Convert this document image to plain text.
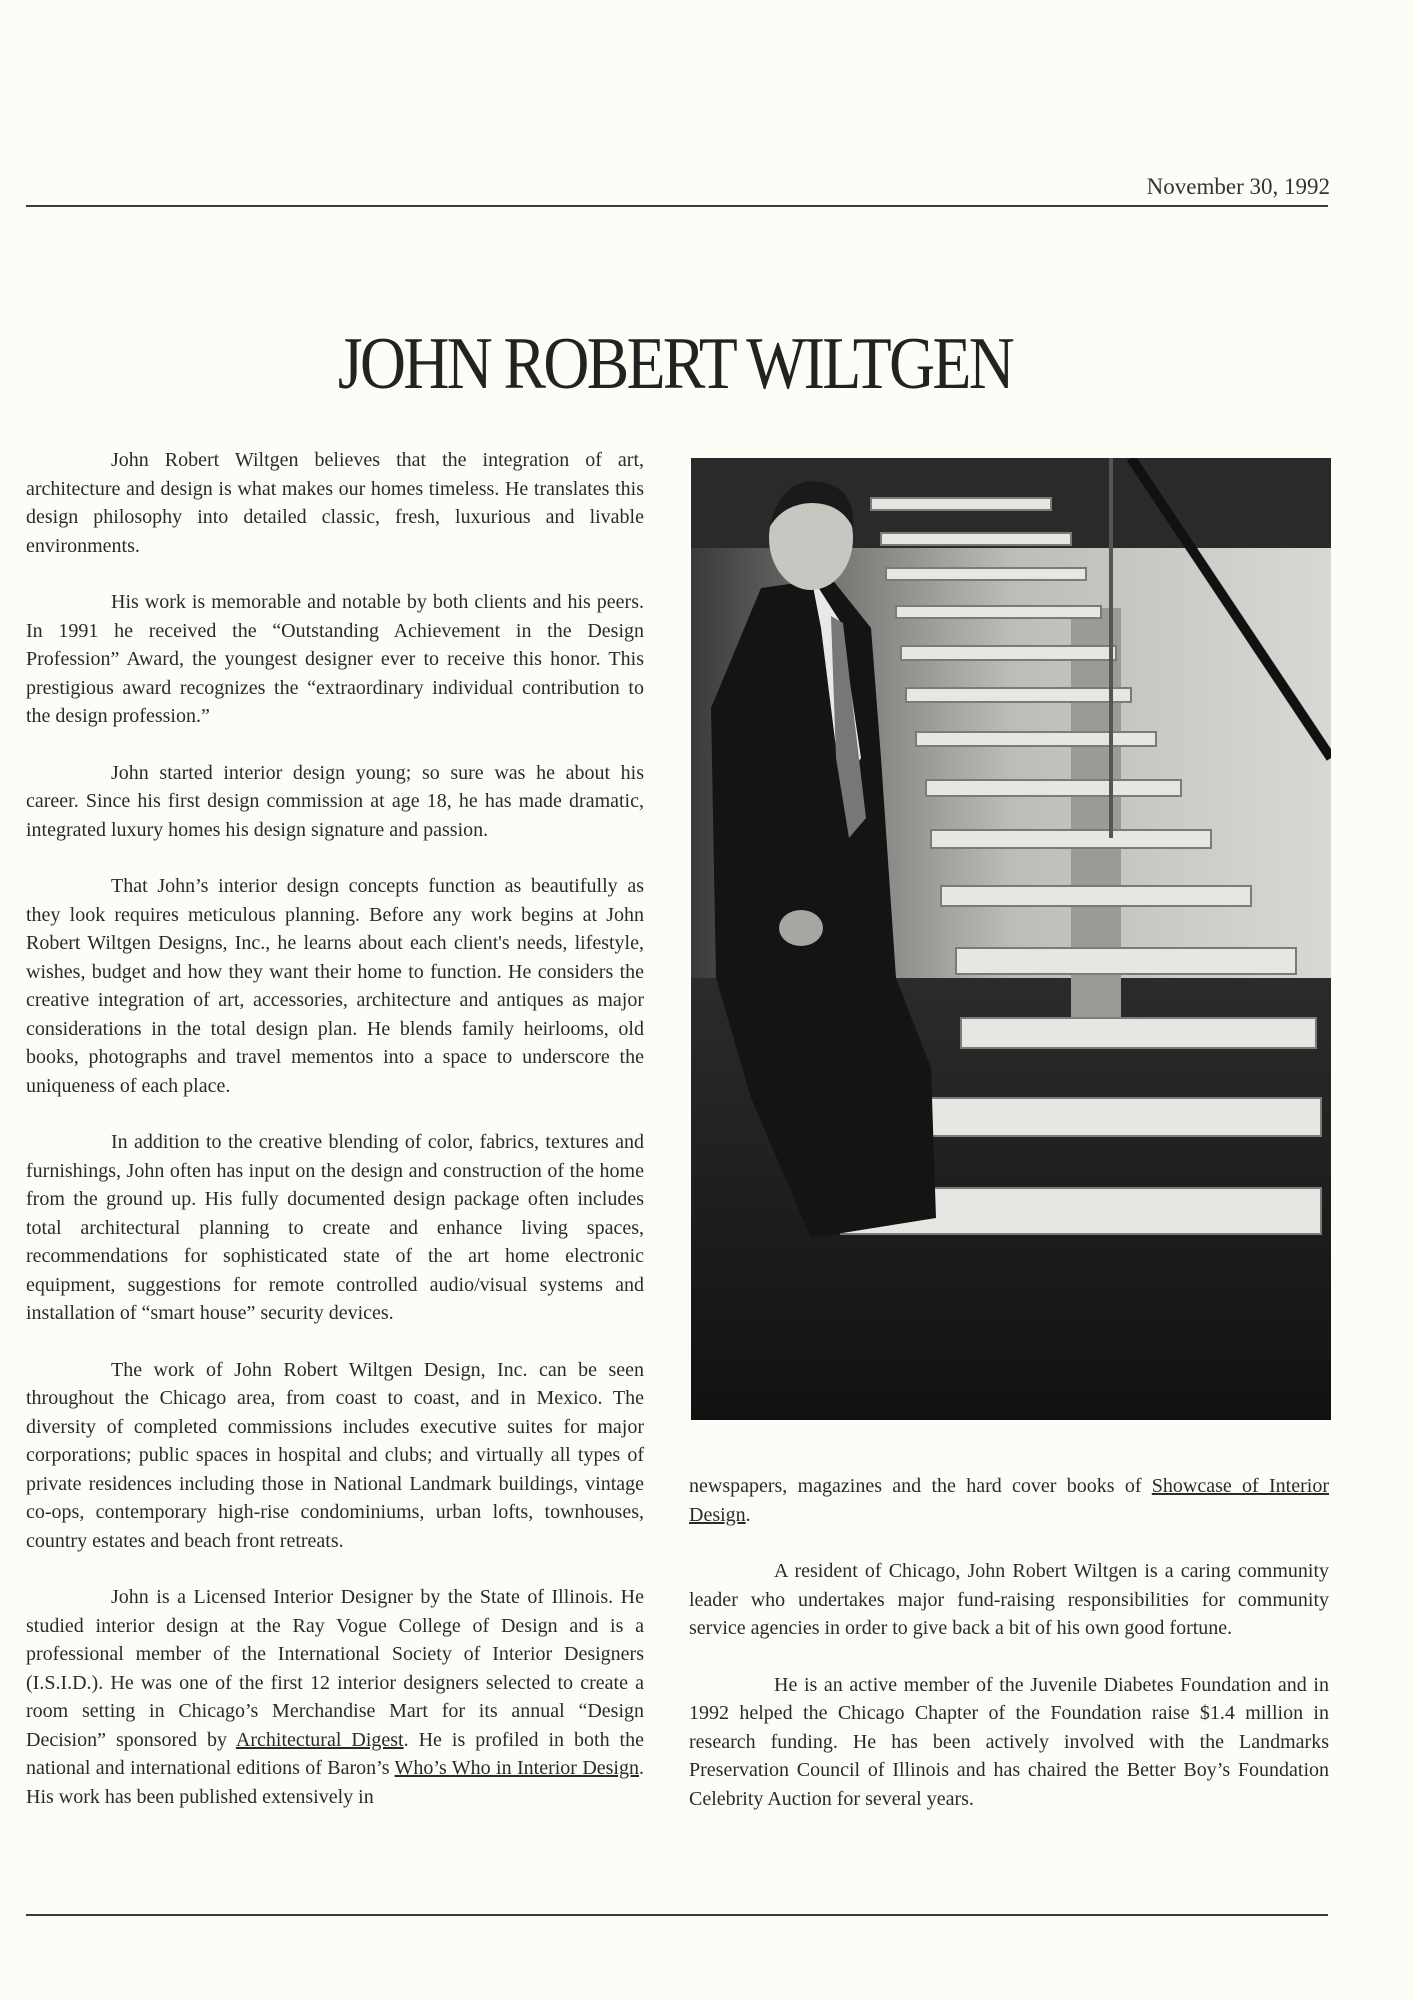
November 30, 1992
JOHN ROBERT WILTGEN

John Robert Wiltgen believes that the integration of art, architecture and design is what makes our homes timeless. He translates this design philosophy into detailed classic, fresh, luxurious and livable environments.

His work is memorable and notable by both clients and his peers. In 1991 he received the “Outstanding Achievement in the Design Profession” Award, the youngest designer ever to receive this honor. This prestigious award recognizes the “extraordinary individual contribution to the design profession.”

John started interior design young; so sure was he about his career. Since his first design commission at age 18, he has made dramatic, integrated luxury homes his design signature and passion.

That John’s interior design concepts function as beautifully as they look requires meticulous planning. Before any work begins at John Robert Wiltgen Designs, Inc., he learns about each client's needs, lifestyle, wishes, budget and how they want their home to function. He considers the creative integration of art, accessories, architecture and antiques as major considerations in the total design plan. He blends family heirlooms, old books, photographs and travel mementos into a space to underscore the uniqueness of each place.

In addition to the creative blending of color, fabrics, textures and furnishings, John often has input on the design and construction of the home from the ground up. His fully documented design package often includes total architectural planning to create and enhance living spaces, recommendations for sophisticated state of the art home electronic equipment, suggestions for remote controlled audio/visual systems and installation of “smart house” security devices.

The work of John Robert Wiltgen Design, Inc. can be seen throughout the Chicago area, from coast to coast, and in Mexico. The diversity of completed commissions includes executive suites for major corporations; public spaces in hospital and clubs; and virtually all types of private residences including those in National Landmark buildings, vintage co-ops, contemporary high-rise condominiums, urban lofts, townhouses, country estates and beach front retreats.

John is a Licensed Interior Designer by the State of Illinois. He studied interior design at the Ray Vogue College of Design and is a professional member of the International Society of Interior Designers (I.S.I.D.). He was one of the first 12 interior designers selected to create a room setting in Chicago’s Merchandise Mart for its annual “Design Decision” sponsored by Architectural Digest. He is profiled in both the national and international editions of Baron’s Who’s Who in Interior Design. His work has been published extensively in

newspapers, magazines and the hard cover books of Showcase of Interior Design.

A resident of Chicago, John Robert Wiltgen is a caring community leader who undertakes major fund-raising responsibilities for community service agencies in order to give back a bit of his own good fortune.

He is an active member of the Juvenile Diabetes Foundation and in 1992 helped the Chicago Chapter of the Foundation raise $1.4 million in research funding. He has been actively involved with the Landmarks Preservation Council of Illinois and has chaired the Better Boy’s Foundation Celebrity Auction for several years.
